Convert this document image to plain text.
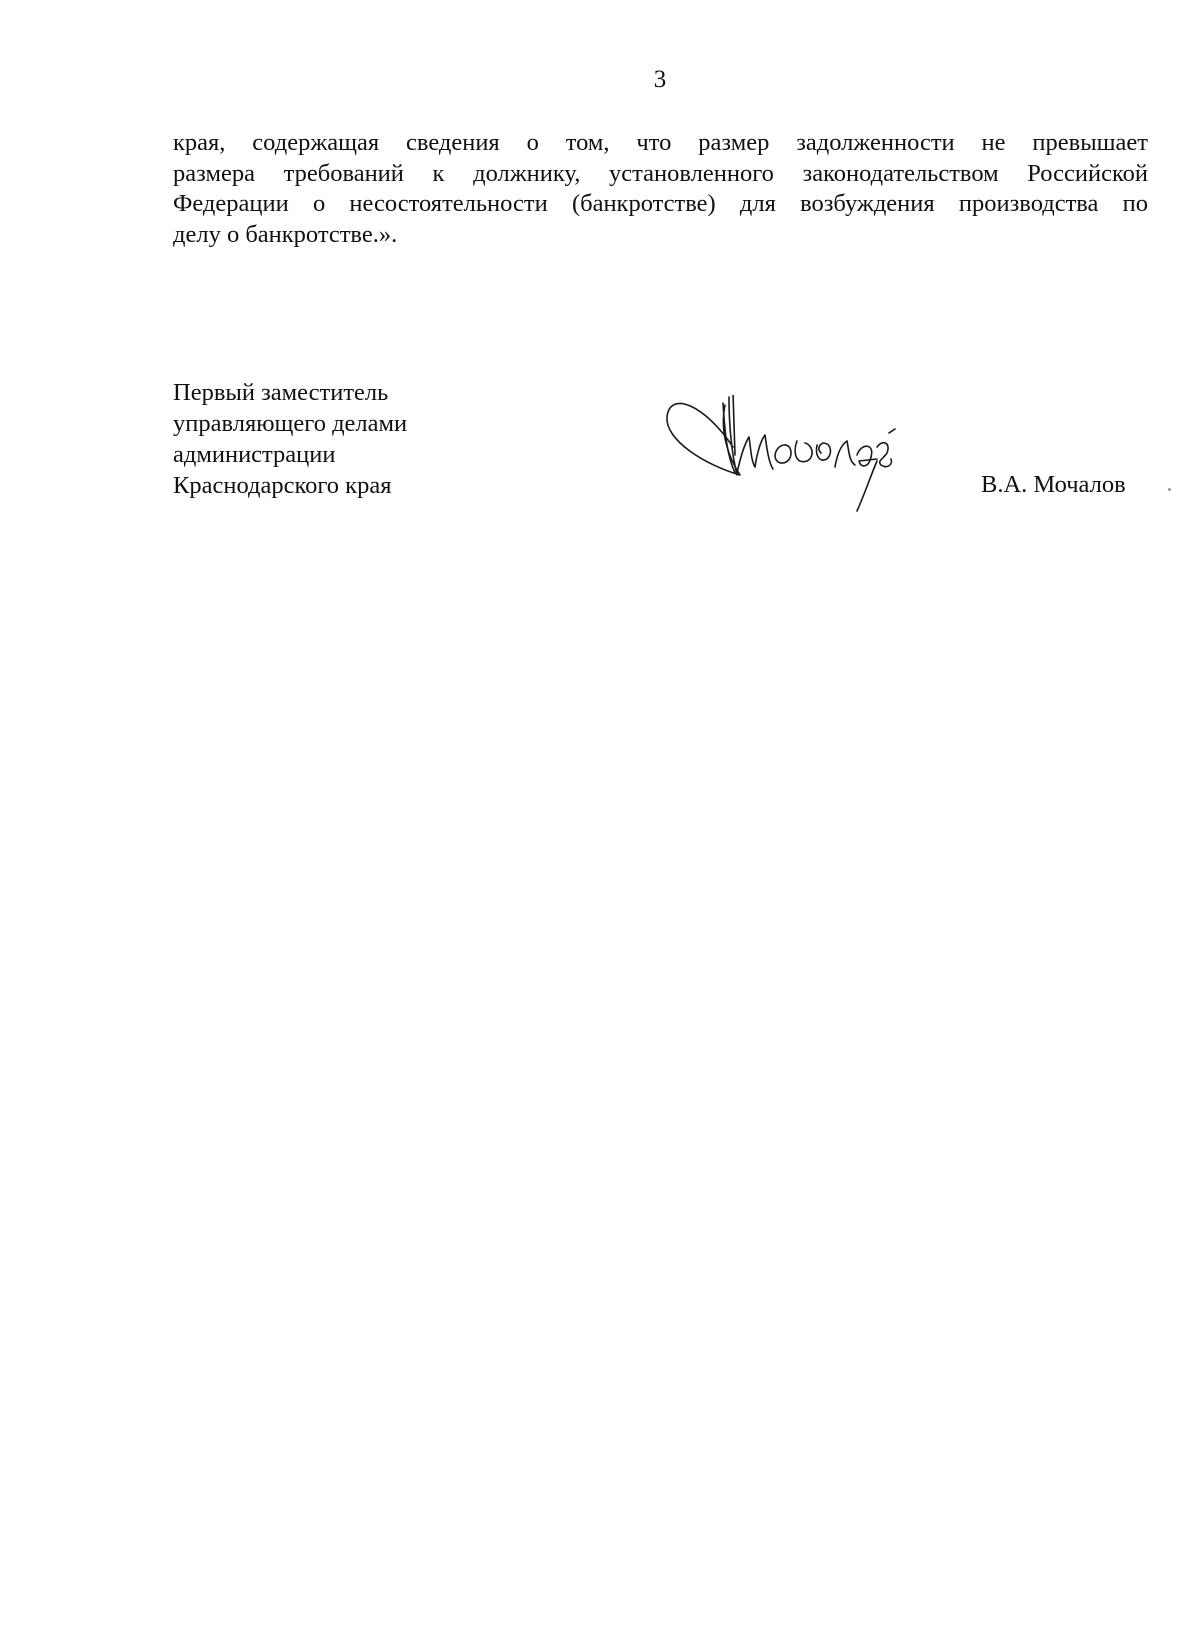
3
края, содержащая сведения о том, что размер задолженности не превышает
размера требований к должнику, установленного законодательством Российской
Федерации о несостоятельности (банкротстве) для возбуждения производства по
делу о банкротстве.».
Первый заместитель
управляющего делами
администрации
Краснодарского края	В.А. Мочалов
